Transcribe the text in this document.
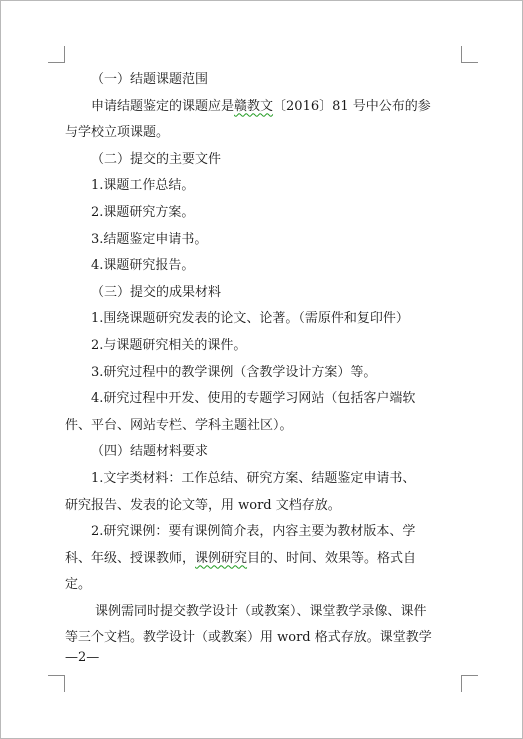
（一）结题课题范围
申请结题鉴定的课题应是赣教文〔2016〕81 号中公布的参
与学校立项课题。
（二）提交的主要文件
1.课题工作总结。
2.课题研究方案。
3.结题鉴定申请书。
4.课题研究报告。
（三）提交的成果材料
1.围绕课题研究发表的论文、论著。（需原件和复印件）
2.与课题研究相关的课件。
3.研究过程中的教学课例（含教学设计方案）等。
4.研究过程中开发、使用的专题学习网站（包括客户端软
件、平台、网站专栏、学科主题社区）。
（四）结题材料要求
1.文字类材料：工作总结、研究方案、结题鉴定申请书、
研究报告、发表的论文等，用 word 文档存放。
2.研究课例：要有课例简介表，内容主要为教材版本、学
科、年级、授课教师，课例研究目的、时间、效果等。格式自
定。
课例需同时提交教学设计（或教案）、课堂教学录像、课件
等三个文档。教学设计（或教案）用 word 格式存放。课堂教学
—2—
